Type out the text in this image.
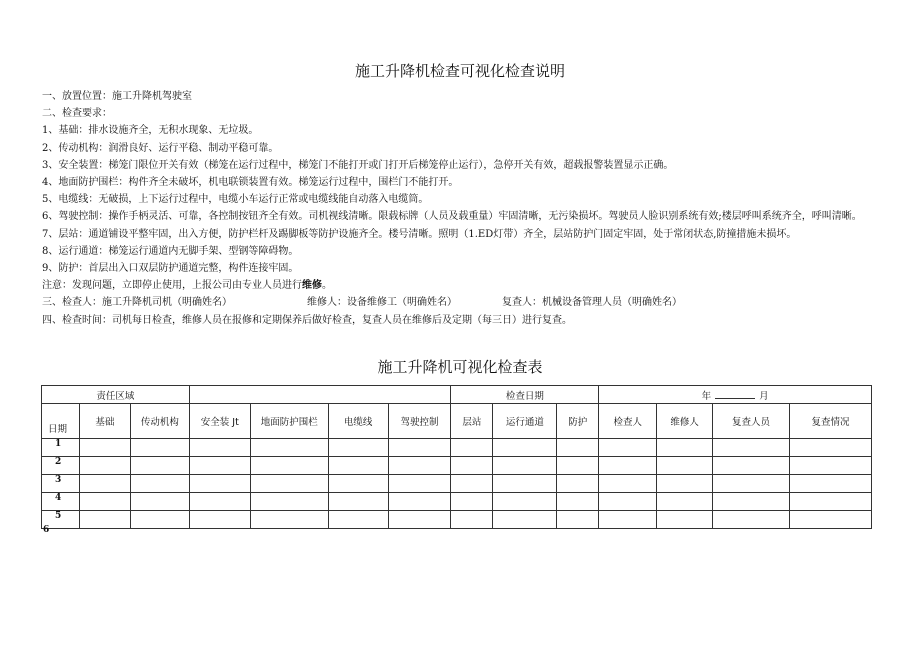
施工升降机检查可视化检查说明
一、放置位置：施工升降机驾驶室
二、检查要求：
1、基础：排水设施齐全，无积水现象、无垃圾。
2、传动机构：润滑良好、运行平稳、制动平稳可靠。
3、安全装置：梯笼门限位开关有效（梯笼在运行过程中，梯笼门不能打开或门打开后梯笼停止运行），急停开关有效，超载报警装置显示正确。
4、地面防护围栏：构件齐全未破坏，机电联锁装置有效。梯笼运行过程中，围栏门不能打开。
5、电缆线：无破损，上下运行过程中，电缆小车运行正常或电缆线能自动落入电缆筒。
6、驾驶控制：操作手柄灵活、可靠，各控制按钮齐全有效。司机视线清晰。限载标牌（人员及载重量）牢固清晰，无污染损坏。驾驶员人脸识别系统有效;楼层呼叫系统齐全，呼叫清晰。
7、层站：通道铺设平整牢固，出入方便，防护栏杆及踢脚板等防护设施齐全。楼号清晰。照明（1.ED灯带）齐全，层站防护门固定牢固，处于常闭状态,防撞措施未损坏。
8、运行通道：梯笼运行通道内无脚手架、型钢等障碍物。
9、防护：首层出入口双层防护通道完整，构件连接牢固。
注意：发现问题，立即停止使用，上报公司由专业人员进行维修。
三、检查人：施工升降机司机（明确姓名）	维修人：设备维修工（明确姓名）	复查人：机械设备管理人员（明确姓名）
四、检查时间：司机每日检查，维修人员在报修和定期保养后做好检查，复查人员在维修后及定期（每三日）进行复查。
施工升降机可视化检查表
责任区域							检查日期			年 月			

日期	基础	传动机构	安全装 Jt	地面防护围栏	电缆线	驾驶控制	层站	运行通道	防护	检查人	维修人	复查人员	复查情况
1													
2													
3													
4													
5													
6
